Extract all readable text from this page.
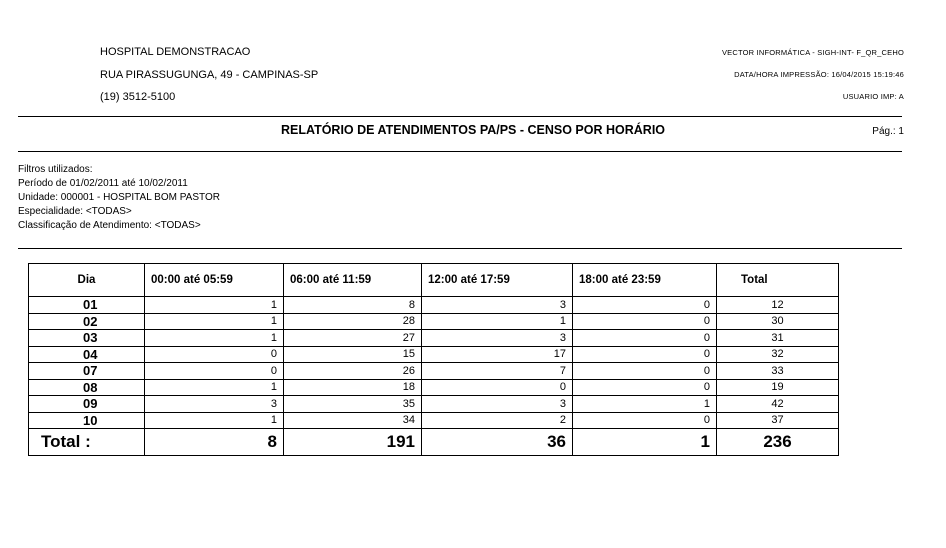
HOSPITAL DEMONSTRACAO
RUA PIRASSUGUNGA, 49 - CAMPINAS-SP
(19) 3512-5100
VECTOR INFORMÁTICA - SIGH-INT- F_QR_CEHO
DATA/HORA IMPRESSÃO: 16/04/2015 15:19:46
USUARIO IMP: A
RELATÓRIO DE ATENDIMENTOS PA/PS - CENSO POR HORÁRIO	Pág.: 1
Filtros utilizados:
Período de 01/02/2011 até 10/02/2011
Unidade: 000001 - HOSPITAL BOM PASTOR
Especialidade: <TODAS>
Classificação de Atendimento: <TODAS>
Dia	00:00 até 05:59	06:00 até 11:59	12:00 até 17:59	18:00 até 23:59	Total
01	1	8	3	0	12
02	1	28	1	0	30
03	1	27	3	0	31
04	0	15	17	0	32
07	0	26	7	0	33
08	1	18	0	0	19
09	3	35	3	1	42
10	1	34	2	0	37
Total :	8	191	36	1	236
